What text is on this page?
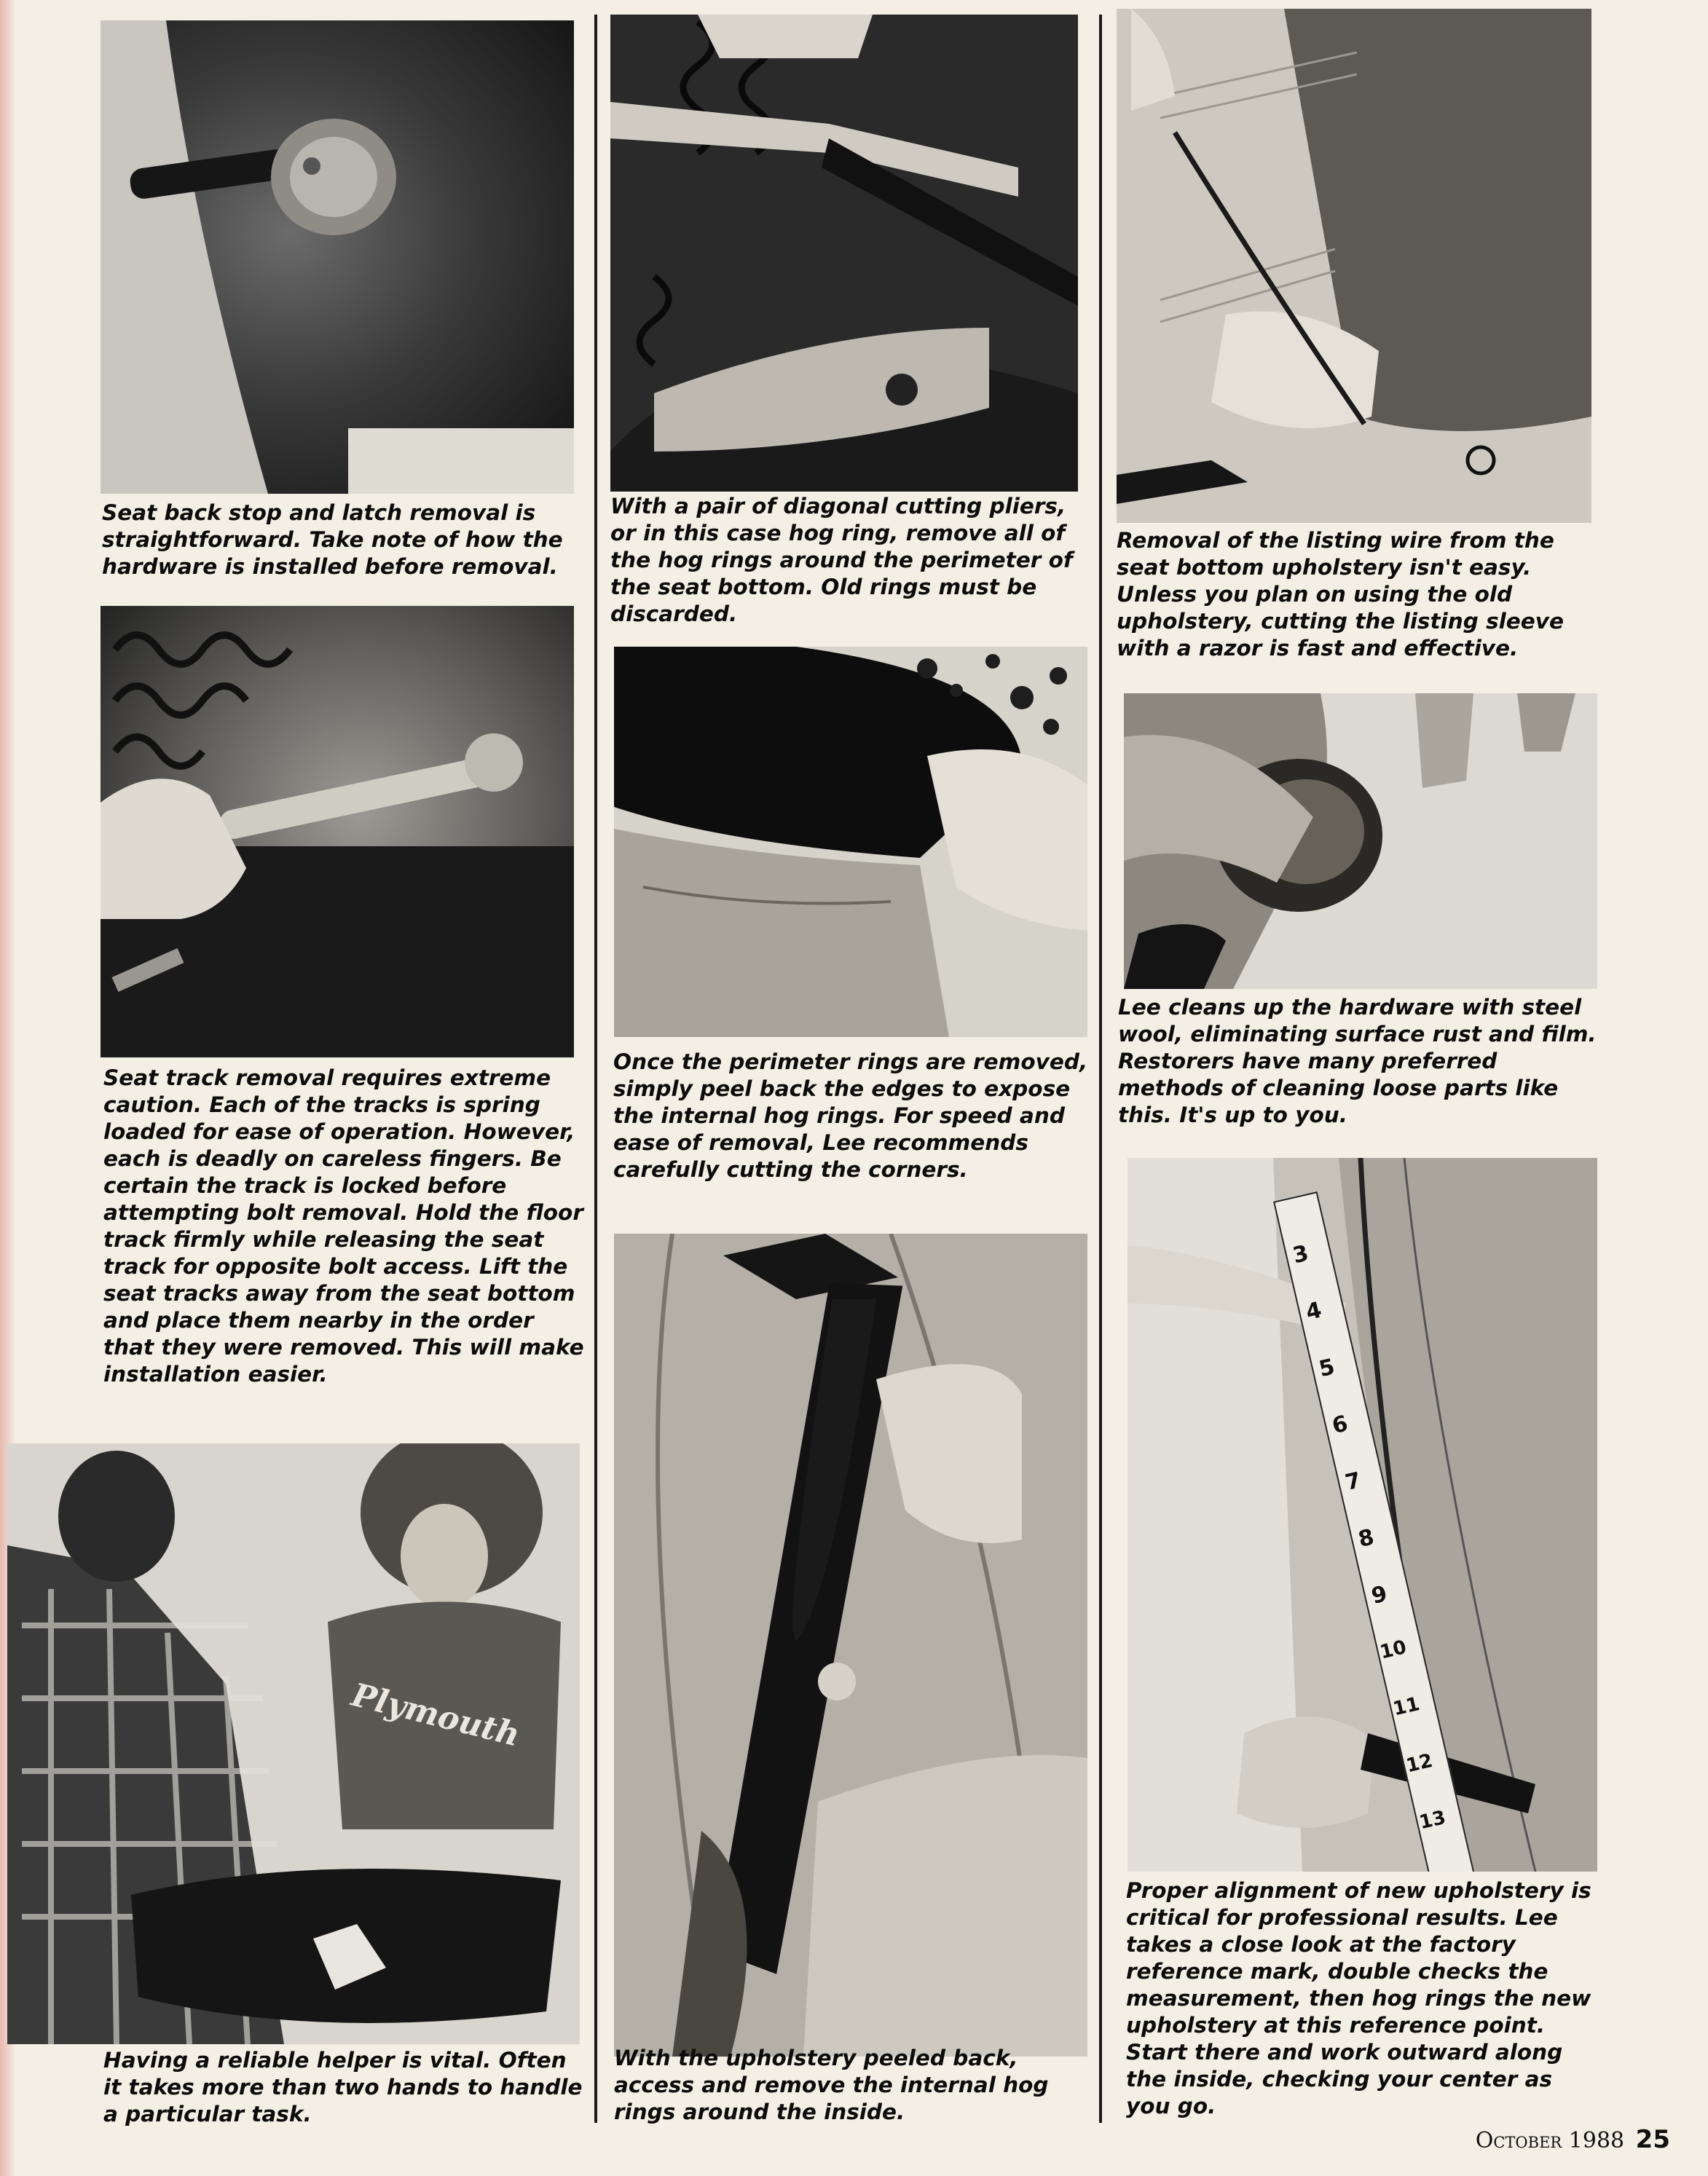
Seat back stop and latch removal is straightforward. Take note of how the hardware is installed before removal.

Seat track removal requires extreme caution. Each of the tracks is spring loaded for ease of operation. However, each is deadly on careless fingers. Be certain the track is locked before attempting bolt removal. Hold the floor track firmly while releasing the seat track for opposite bolt access. Lift the seat tracks away from the seat bottom and place them nearby in the order that they were removed. This will make installation easier.

Plymouth

Having a reliable helper is vital. Often it takes more than two hands to handle a particular task.

With a pair of diagonal cutting pliers, or in this case hog ring, remove all of the hog rings around the perimeter of the seat bottom. Old rings must be discarded.

Once the perimeter rings are removed, simply peel back the edges to expose the internal hog rings. For speed and ease of removal, Lee recommends carefully cutting the corners.

With the upholstery peeled back, access and remove the internal hog rings around the inside.

Removal of the listing wire from the seat bottom upholstery isn't easy. Unless you plan on using the old upholstery, cutting the listing sleeve with a razor is fast and effective.

Lee cleans up the hardware with steel wool, eliminating surface rust and film. Restorers have many preferred methods of cleaning loose parts like this. It's up to you.

3
4
5
6
7
8
9
10
11
12
13

Proper alignment of new upholstery is critical for professional results. Lee takes a close look at the factory reference mark, double checks the measurement, then hog rings the new upholstery at this reference point. Start there and work outward along the inside, checking your center as you go.

October 1988 25
